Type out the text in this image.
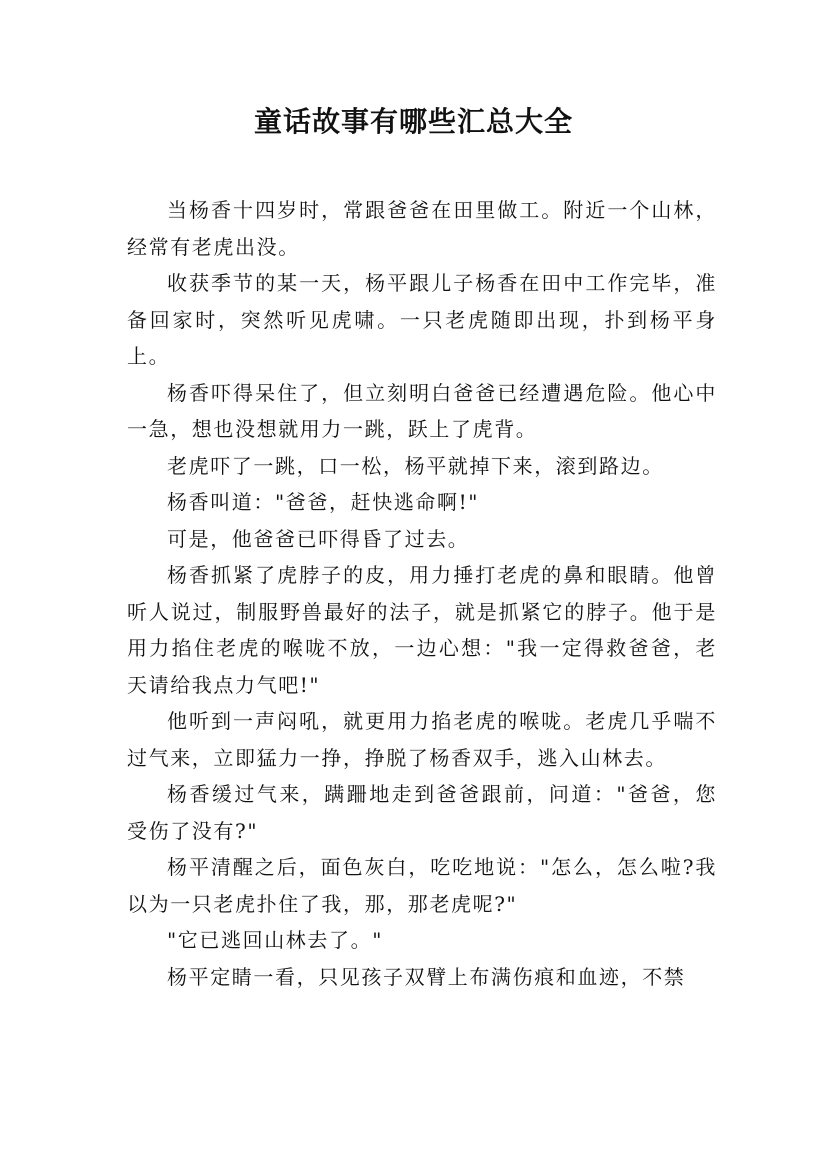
童话故事有哪些汇总大全

当杨香十四岁时，常跟爸爸在田里做工。附近一个山林，经常有老虎出没。

收获季节的某一天，杨平跟儿子杨香在田中工作完毕，准备回家时，突然听见虎啸。一只老虎随即出现，扑到杨平身上。

杨香吓得呆住了，但立刻明白爸爸已经遭遇危险。他心中一急，想也没想就用力一跳，跃上了虎背。

老虎吓了一跳，口一松，杨平就掉下来，滚到路边。

杨香叫道："爸爸，赶快逃命啊!"

可是，他爸爸已吓得昏了过去。

杨香抓紧了虎脖子的皮，用力捶打老虎的鼻和眼睛。他曾听人说过，制服野兽最好的法子，就是抓紧它的脖子。他于是用力掐住老虎的喉咙不放，一边心想："我一定得救爸爸，老天请给我点力气吧!"

他听到一声闷吼，就更用力掐老虎的喉咙。老虎几乎喘不过气来，立即猛力一挣，挣脱了杨香双手，逃入山林去。

杨香缓过气来，蹒跚地走到爸爸跟前，问道："爸爸，您受伤了没有?"

杨平清醒之后，面色灰白，吃吃地说："怎么，怎么啦?我以为一只老虎扑住了我，那，那老虎呢?"

"它已逃回山林去了。"

杨平定睛一看，只见孩子双臂上布满伤痕和血迹，不禁
